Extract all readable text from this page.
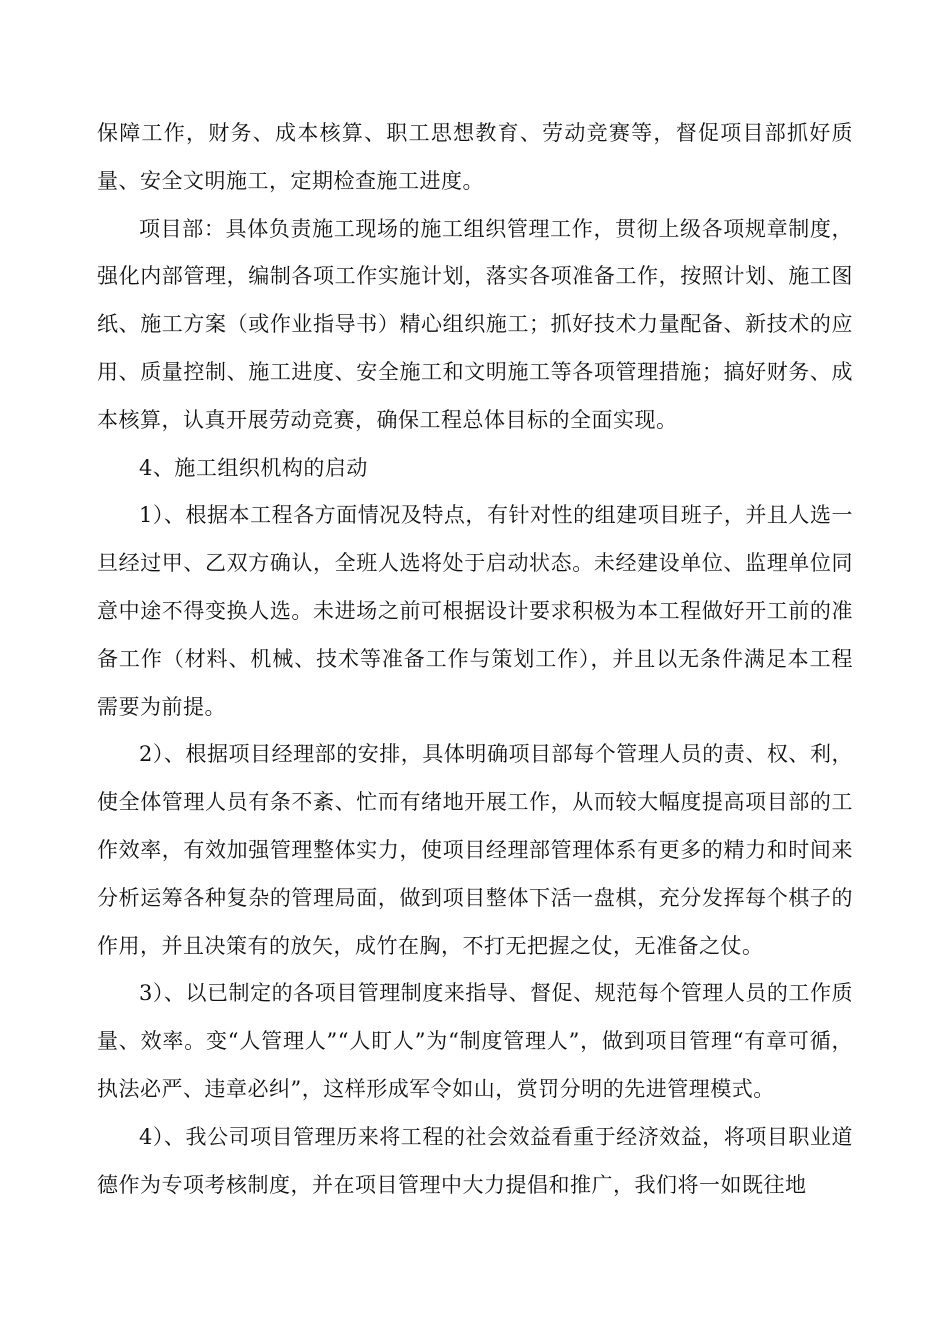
保障工作，财务、成本核算、职工思想教育、劳动竞赛等，督促项目部抓好质量、安全文明施工，定期检查施工进度。

项目部：具体负责施工现场的施工组织管理工作，贯彻上级各项规章制度，强化内部管理，编制各项工作实施计划，落实各项准备工作，按照计划、施工图纸、施工方案（或作业指导书）精心组织施工；抓好技术力量配备、新技术的应用、质量控制、施工进度、安全施工和文明施工等各项管理措施；搞好财务、成本核算，认真开展劳动竞赛，确保工程总体目标的全面实现。

4、施工组织机构的启动

1）、根据本工程各方面情况及特点，有针对性的组建项目班子，并且人选一旦经过甲、乙双方确认，全班人选将处于启动状态。未经建设单位、监理单位同意中途不得变换人选。未进场之前可根据设计要求积极为本工程做好开工前的准备工作（材料、机械、技术等准备工作与策划工作），并且以无条件满足本工程需要为前提。

2）、根据项目经理部的安排，具体明确项目部每个管理人员的责、权、利，使全体管理人员有条不紊、忙而有绪地开展工作，从而较大幅度提高项目部的工作效率，有效加强管理整体实力，使项目经理部管理体系有更多的精力和时间来分析运筹各种复杂的管理局面，做到项目整体下活一盘棋，充分发挥每个棋子的作用，并且决策有的放矢，成竹在胸，不打无把握之仗，无准备之仗。

3）、以已制定的各项目管理制度来指导、督促、规范每个管理人员的工作质量、效率。变“人管理人”“人盯人”为“制度管理人”，做到项目管理“有章可循，执法必严、违章必纠”，这样形成军令如山，赏罚分明的先进管理模式。

4）、我公司项目管理历来将工程的社会效益看重于经济效益，将项目职业道德作为专项考核制度，并在项目管理中大力提倡和推广，我们将一如既往地
